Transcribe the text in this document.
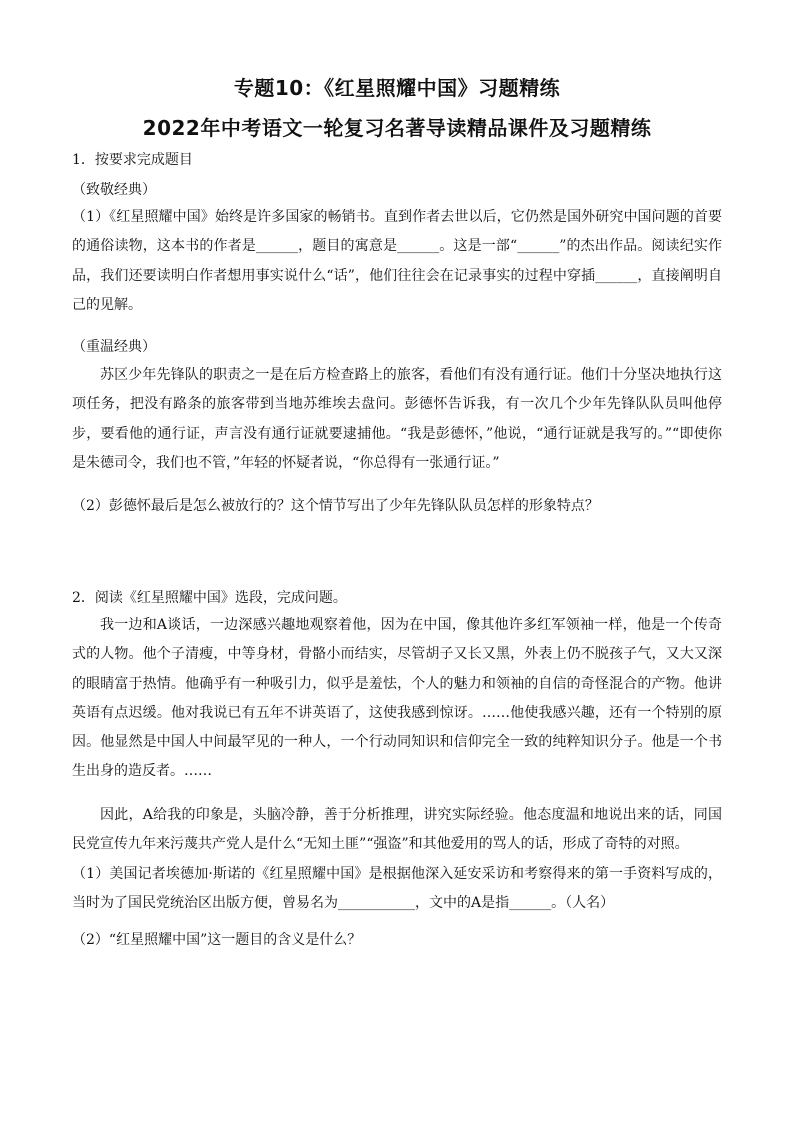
专题10：《红星照耀中国》习题精练
2022年中考语文一轮复习名著导读精品课件及习题精练
1．按要求完成题目
（致敬经典）

（1）《红星照耀中国》始终是许多国家的畅销书。直到作者去世以后，它仍然是国外研究中国问题的首要的通俗读物，这本书的作者是______，题目的寓意是______。这是一部“______”的杰出作品。阅读纪实作品，我们还要读明白作者想用事实说什么“话”，他们往往会在记录事实的过程中穿插______，直接阐明自己的见解。

（重温经典）

苏区少年先锋队的职责之一是在后方检查路上的旅客，看他们有没有通行证。他们十分坚决地执行这项任务，把没有路条的旅客带到当地苏维埃去盘问。彭德怀告诉我，有一次几个少年先锋队队员叫他停步，要看他的通行证，声言没有通行证就要逮捕他。“我是彭德怀，”他说，“通行证就是我写的。”“即使你是朱德司令，我们也不管，”年轻的怀疑者说，“你总得有一张通行证。”

（2）彭德怀最后是怎么被放行的？这个情节写出了少年先锋队队员怎样的形象特点？
2．阅读《红星照耀中国》选段，完成问题。

我一边和A谈话，一边深感兴趣地观察着他，因为在中国，像其他许多红军领袖一样，他是一个传奇式的人物。他个子清瘦，中等身材，骨骼小而结实，尽管胡子又长又黑，外表上仍不脱孩子气，又大又深的眼睛富于热情。他确乎有一种吸引力，似乎是羞怯，个人的魅力和领袖的自信的奇怪混合的产物。他讲英语有点迟缓。他对我说已有五年不讲英语了，这使我感到惊讶。……他使我感兴趣，还有一个特别的原因。他显然是中国人中间最罕见的一种人，一个行动同知识和信仰完全一致的纯粹知识分子。他是一个书生出身的造反者。……

因此，A给我的印象是，头脑冷静，善于分析推理，讲究实际经验。他态度温和地说出来的话，同国民党宣传九年来污蔑共产党人是什么“无知土匪”“强盗”和其他爱用的骂人的话，形成了奇特的对照。

（1）美国记者埃德加·斯诺的《红星照耀中国》是根据他深入延安采访和考察得来的第一手资料写成的，当时为了国民党统治区出版方便，曾易名为___________，文中的A是指______。（人名）

（2）“红星照耀中国”这一题目的含义是什么？
